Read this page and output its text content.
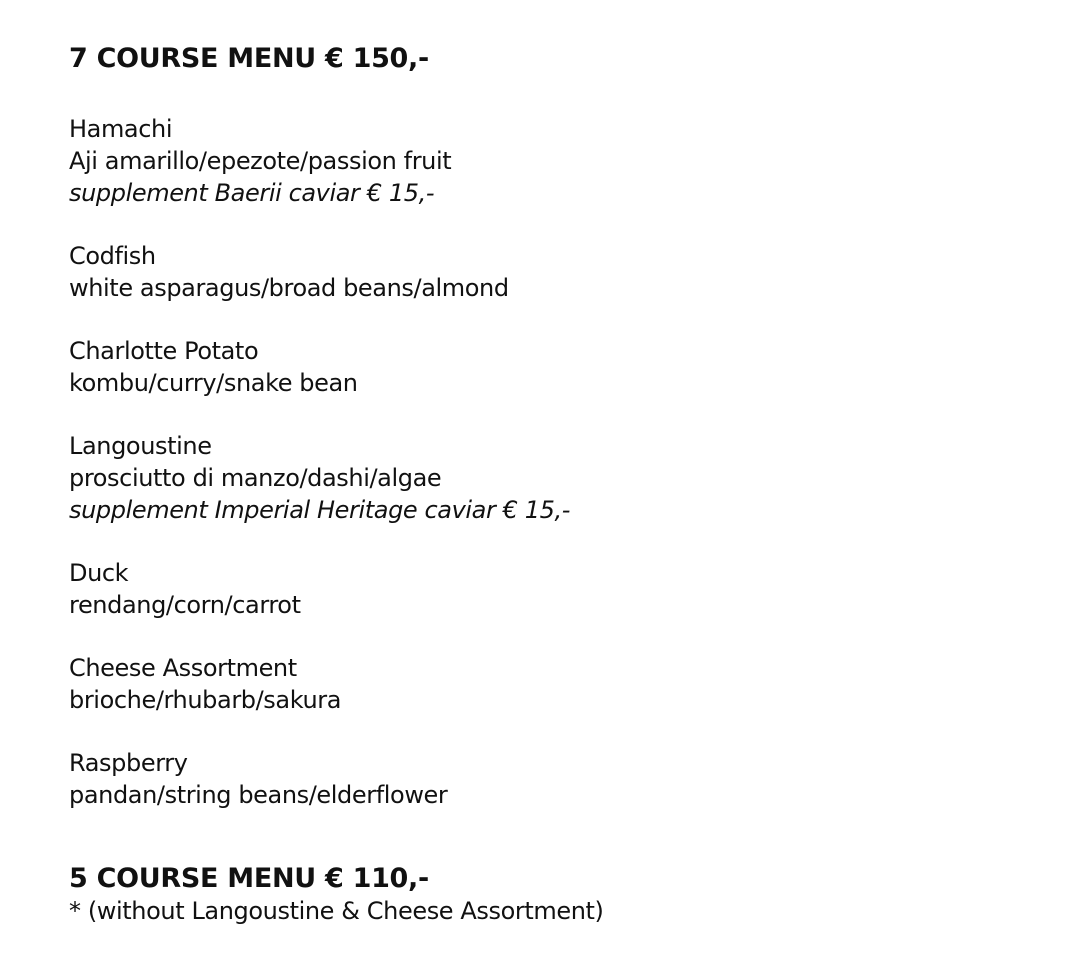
7 COURSE MENU € 150,-
Hamachi
Aji amarillo/epezote/passion fruit
supplement Baerii caviar € 15,-
Codfish
white asparagus/broad beans/almond
Charlotte Potato
kombu/curry/snake bean
Langoustine
prosciutto di manzo/dashi/algae
supplement Imperial Heritage caviar € 15,-
Duck
rendang/corn/carrot
Cheese Assortment
brioche/rhubarb/sakura
Raspberry
pandan/string beans/elderflower
5 COURSE MENU € 110,-
* (without Langoustine & Cheese Assortment)
